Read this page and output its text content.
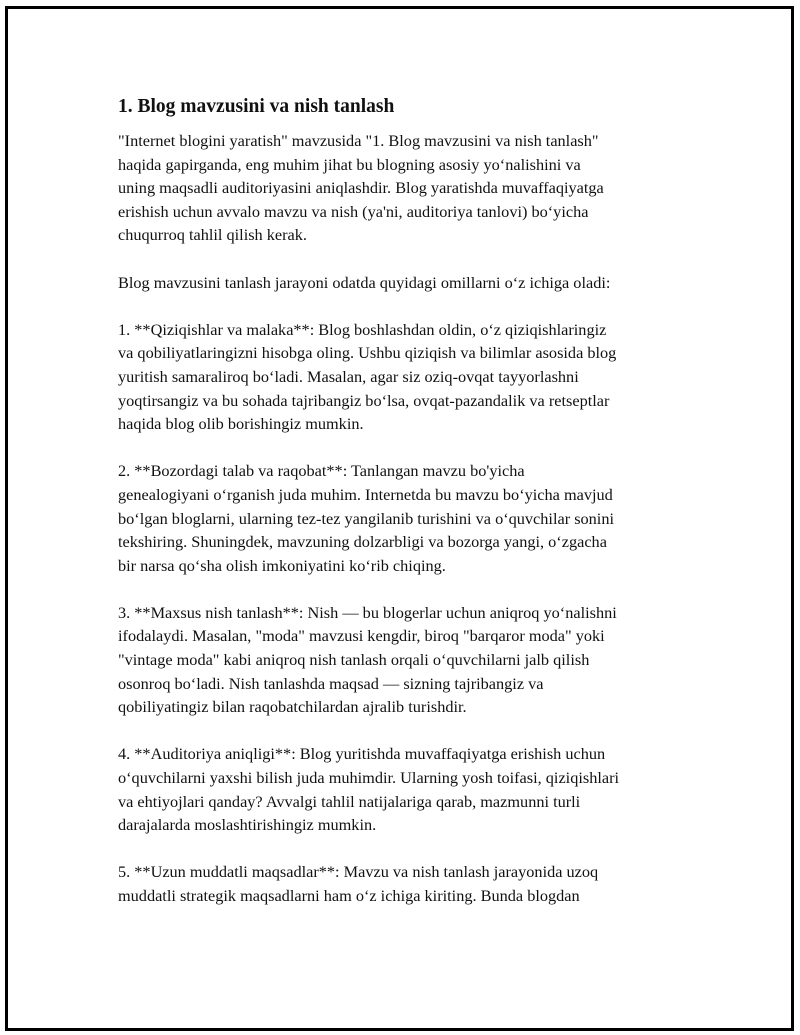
1. Blog mavzusini va nish tanlash

"Internet blogini yaratish" mavzusida "1. Blog mavzusini va nish tanlash"
haqida gapirganda, eng muhim jihat bu blogning asosiy yo‘nalishini va
uning maqsadli auditoriyasini aniqlashdir. Blog yaratishda muvaffaqiyatga
erishish uchun avvalo mavzu va nish (ya'ni, auditoriya tanlovi) bo‘yicha
chuqurroq tahlil qilish kerak.

Blog mavzusini tanlash jarayoni odatda quyidagi omillarni o‘z ichiga oladi:

1. **Qiziqishlar va malaka**: Blog boshlashdan oldin, o‘z qiziqishlaringiz
va qobiliyatlaringizni hisobga oling. Ushbu qiziqish va bilimlar asosida blog
yuritish samaraliroq bo‘ladi. Masalan, agar siz oziq-ovqat tayyorlashni
yoqtirsangiz va bu sohada tajribangiz bo‘lsa, ovqat-pazandalik va retseptlar
haqida blog olib borishingiz mumkin.

2. **Bozordagi talab va raqobat**: Tanlangan mavzu bo'yicha
genealogiyani o‘rganish juda muhim. Internetda bu mavzu bo‘yicha mavjud
bo‘lgan bloglarni, ularning tez-tez yangilanib turishini va o‘quvchilar sonini
tekshiring. Shuningdek, mavzuning dolzarbligi va bozorga yangi, o‘zgacha
bir narsa qo‘sha olish imkoniyatini ko‘rib chiqing.

3. **Maxsus nish tanlash**: Nish — bu blogerlar uchun aniqroq yo‘nalishni
ifodalaydi. Masalan, "moda" mavzusi kengdir, biroq "barqaror moda" yoki
"vintage moda" kabi aniqroq nish tanlash orqali o‘quvchilarni jalb qilish
osonroq bo‘ladi. Nish tanlashda maqsad — sizning tajribangiz va
qobiliyatingiz bilan raqobatchilardan ajralib turishdir.

4. **Auditoriya aniqligi**: Blog yuritishda muvaffaqiyatga erishish uchun
o‘quvchilarni yaxshi bilish juda muhimdir. Ularning yosh toifasi, qiziqishlari
va ehtiyojlari qanday? Avvalgi tahlil natijalariga qarab, mazmunni turli
darajalarda moslashtirishingiz mumkin.

5. **Uzun muddatli maqsadlar**: Mavzu va nish tanlash jarayonida uzoq
muddatli strategik maqsadlarni ham o‘z ichiga kiriting. Bunda blogdan
